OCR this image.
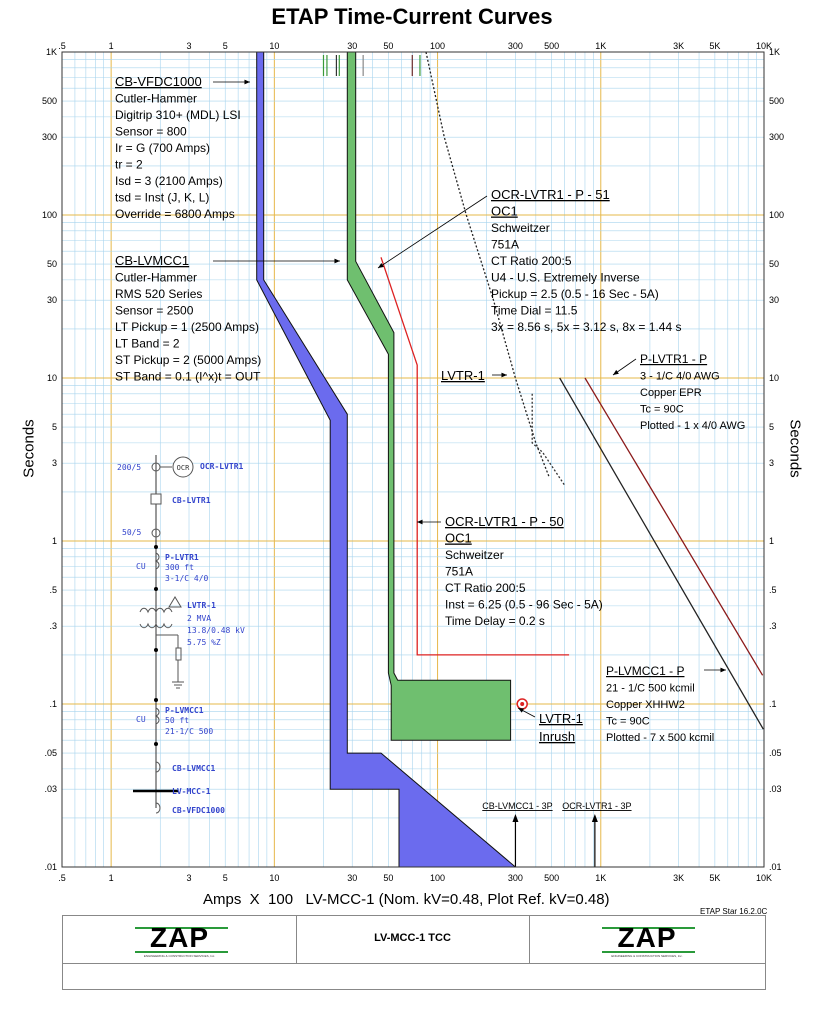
ETAP Time-Current Curves
CB-LVMCC1 - 3P OCR-LVTR1 - 3P
.5
.5
1
1
3
3
5
5
10
10
30
30
50
50
100
100
300
300
500
500
1K
1K
3K
3K
5K
5K
10K
10K
1K	1K
500	500
300	300
100	100
50	50
30	30
10	10
5	5
3	3
1	1
.5	.5
.3	.3
.1	.1
.05	.05
.03	.03
.01	.01
CB-VFDC1000
Cutler-Hammer
Digitrip 310+ (MDL) LSI
Sensor = 800
Ir = G (700 Amps)
tr = 2
Isd = 3 (2100 Amps)
tsd = Inst (J, K, L)
Override = 6800 Amps
CB-LVMCC1
Cutler-Hammer
RMS 520 Series
Sensor = 2500
LT Pickup = 1 (2500 Amps)
LT Band = 2
ST Pickup = 2 (5000 Amps)
ST Band = 0.1 (I^x)t = OUT
OCR-LVTR1 - P - 51
OC1
Schweitzer
751A
CT Ratio 200:5
U4 - U.S. Extremely Inverse
Pickup = 2.5 (0.5 - 16 Sec - 5A)
Time Dial = 11.5
3x = 8.56 s, 5x = 3.12 s, 8x = 1.44 s
OCR-LVTR1 - P - 50
OC1
Schweitzer
751A
CT Ratio 200:5
Inst = 6.25 (0.5 - 96 Sec - 5A)
Time Delay = 0.2 s
P-LVTR1 - P
3 - 1/C 4/0 AWG
Copper EPR
Tc = 90C
Plotted - 1 x 4/0 AWG
P-LVMCC1 - P
21 - 1/C 500 kcmil
Copper XHHW2
Tc = 90C
Plotted - 7 x 500 kcmil
LVTR-1
LVTR-1
Inrush
200/5	OCR OCR-LVTR1
CB-LVTR1
50/5
P-LVTR1
CU 300 ft
3-1/C 4/0
LVTR-1
2 MVA
13.8/0.48 kV
5.75 %Z
P-LVMCC1
CU 50 ft
21-1/C 500
CB-LVMCC1
LV-MCC-1
CB-VFDC1000
Seconds	Seconds
Amps  X  100   LV-MCC-1 (Nom. kV=0.48, Plot Ref. kV=0.48)
ETAP Star 16.2.0C
ZAP
ENGINEERING & CONSTRUCTION SERVICES, Inc.
LV-MCC-1 TCC	ZAP
ENGINEERING & CONSTRUCTION SERVICES, Inc.
